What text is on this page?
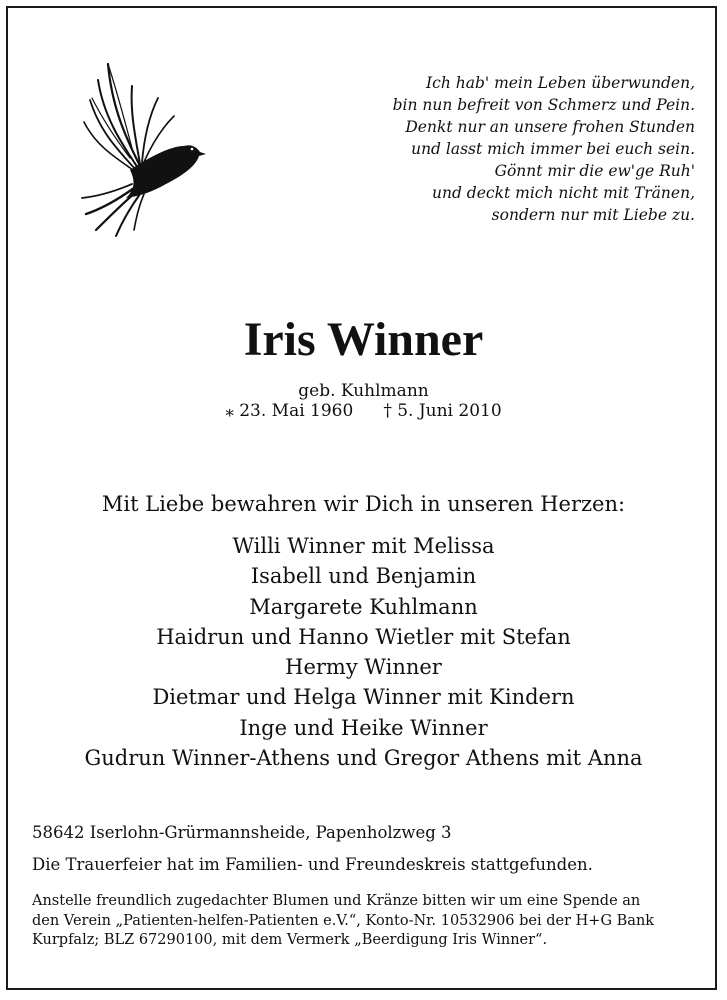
Ich hab' mein Leben überwunden,
bin nun befreit von Schmerz und Pein.
Denkt nur an unsere frohen Stunden
und lasst mich immer bei euch sein.
Gönnt mir die ew'ge Ruh'
und deckt mich nicht mit Tränen,
sondern nur mit Liebe zu.
Iris Winner
geb. Kuhlmann
⁎ 23. Mai 1960 † 5. Juni 2010
Mit Liebe bewahren wir Dich in unseren Herzen:
Willi Winner mit Melissa
Isabell und Benjamin
Margarete Kuhlmann
Haidrun und Hanno Wietler mit Stefan
Hermy Winner
Dietmar und Helga Winner mit Kindern
Inge und Heike Winner
Gudrun Winner-Athens und Gregor Athens mit Anna
58642 Iserlohn-Grürmannsheide, Papenholzweg 3
Die Trauerfeier hat im Familien- und Freundeskreis stattgefunden.
Anstelle freundlich zugedachter Blumen und Kränze bitten wir um eine Spende an
den Verein „Patienten-helfen-Patienten e.V.“, Konto-Nr. 10532906 bei der H+G Bank
Kurpfalz; BLZ 67290100, mit dem Vermerk „Beerdigung Iris Winner“.
